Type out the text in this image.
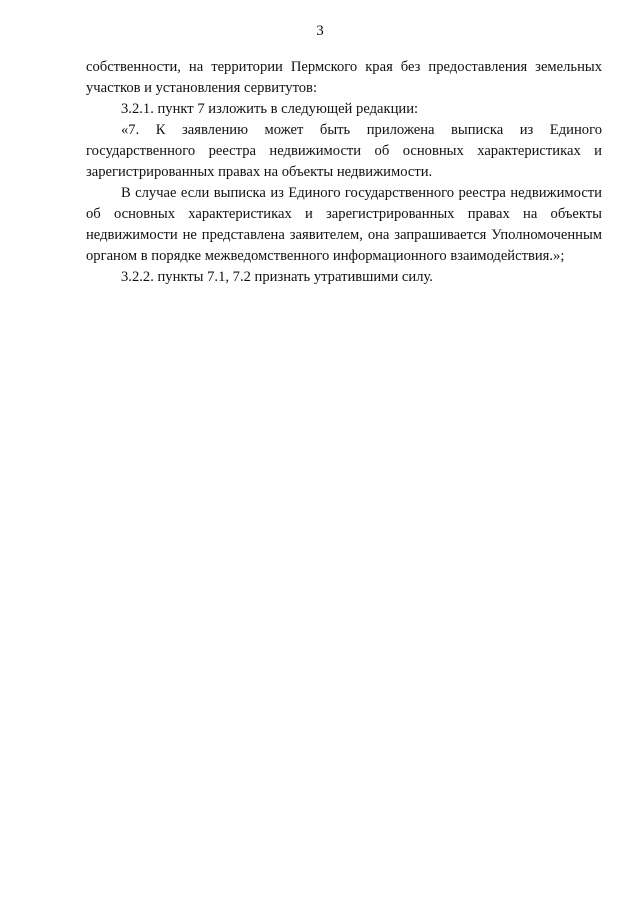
3

собственности, на территории Пермского края без предоставления земельных участков и установления сервитутов:

3.2.1. пункт 7 изложить в следующей редакции:

«7. К заявлению может быть приложена выписка из Единого государственного реестра недвижимости об основных характеристиках и зарегистрированных правах на объекты недвижимости.

В случае если выписка из Единого государственного реестра недвижимости об основных характеристиках и зарегистрированных правах на объекты недвижимости не представлена заявителем, она запрашивается Уполномоченным органом в порядке межведомственного информационного взаимодействия.»;

3.2.2. пункты 7.1, 7.2 признать утратившими силу.
